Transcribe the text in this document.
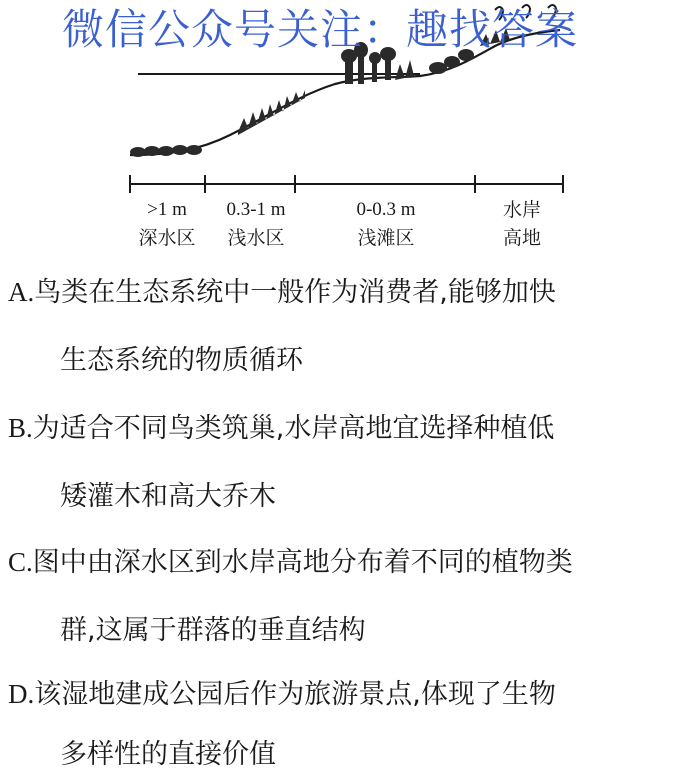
>1 m
深水区
0.3-1 m
浅水区
0-0.3 m
浅滩区
水岸
高地
微信公众号关注：趣找答案
A.鸟类在生态系统中一般作为消费者,能够加快
生态系统的物质循环
B.为适合不同鸟类筑巢,水岸高地宜选择种植低
矮灌木和高大乔木
C.图中由深水区到水岸高地分布着不同的植物类
群,这属于群落的垂直结构
D.该湿地建成公园后作为旅游景点,体现了生物
多样性的直接价值
